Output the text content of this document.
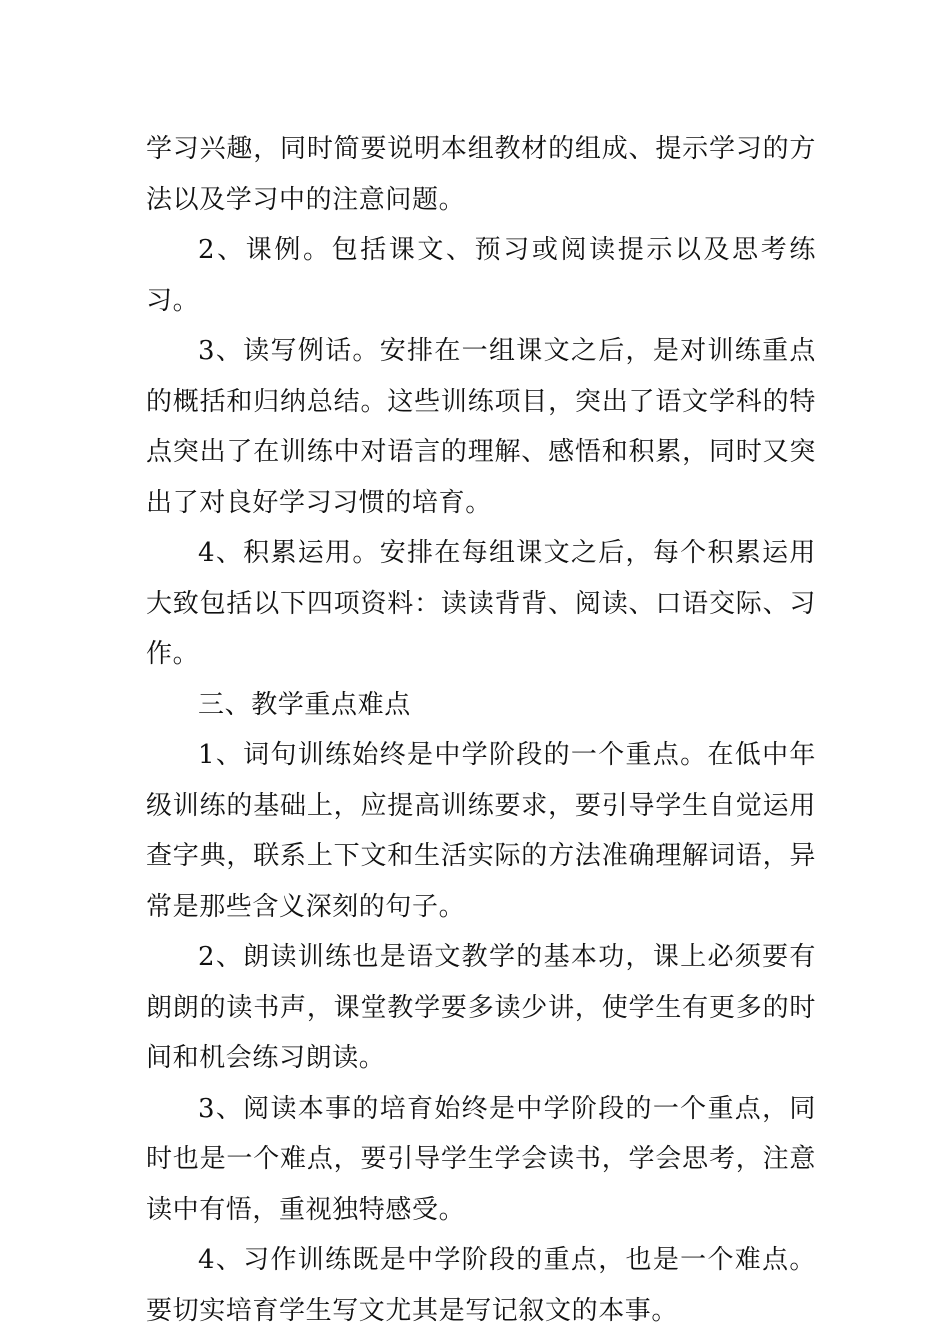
学习兴趣，同时简要说明本组教材的组成、提示学习的方法以及学习中的注意问题。

2、课例。包括课文、预习或阅读提示以及思考练习。

3、读写例话。安排在一组课文之后，是对训练重点的概括和归纳总结。这些训练项目，突出了语文学科的特点突出了在训练中对语言的理解、感悟和积累，同时又突出了对良好学习习惯的培育。

4、积累运用。安排在每组课文之后，每个积累运用大致包括以下四项资料：读读背背、阅读、口语交际、习作。

三、教学重点难点

1、词句训练始终是中学阶段的一个重点。在低中年级训练的基础上，应提高训练要求，要引导学生自觉运用查字典，联系上下文和生活实际的方法准确理解词语，异常是那些含义深刻的句子。

2、朗读训练也是语文教学的基本功，课上必须要有朗朗的读书声，课堂教学要多读少讲，使学生有更多的时间和机会练习朗读。

3、阅读本事的培育始终是中学阶段的一个重点，同时也是一个难点，要引导学生学会读书，学会思考，注意读中有悟，重视独特感受。

4、习作训练既是中学阶段的重点，也是一个难点。要切实培育学生写文尤其是写记叙文的本事。
